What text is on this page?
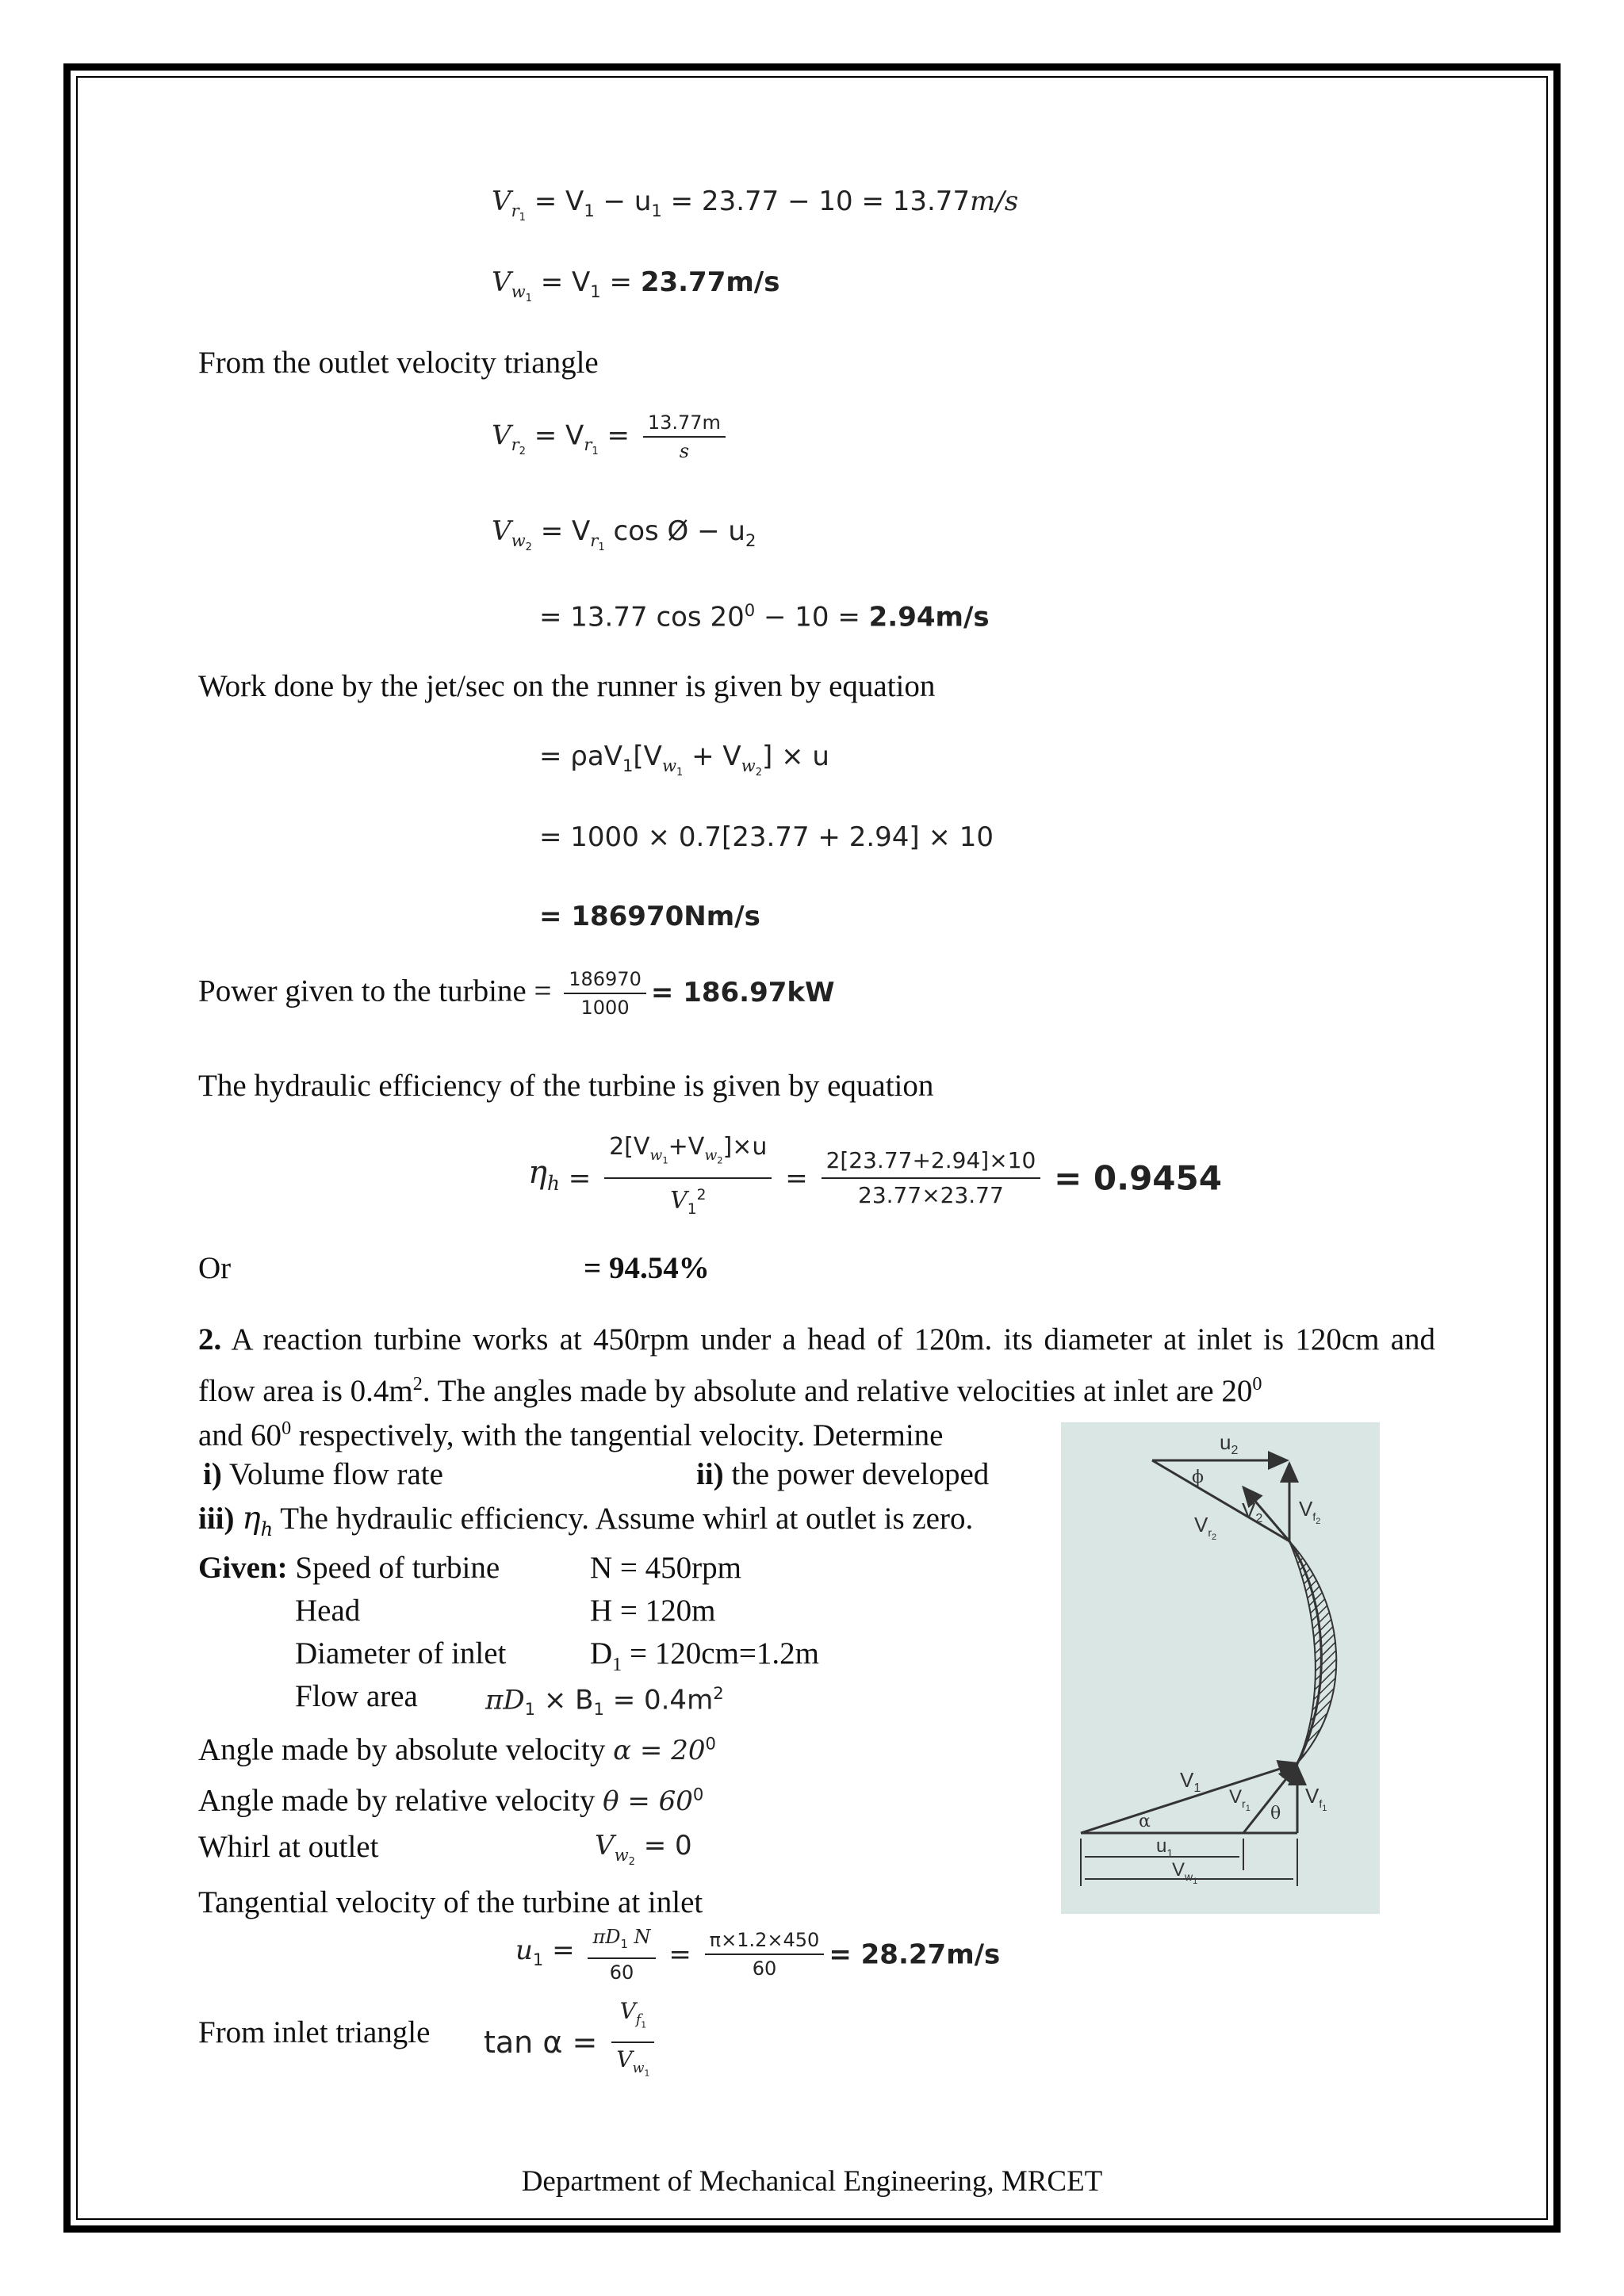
$V_{r_1} = V_1 - u_1 = 23.77 - 10 = 13.77m/s$
$V_{w_1} = V_1 = 23.77m/s$
From the outlet velocity triangle
$V_{r_2} = V_{r_1} = \frac{13.77m}{s}$
$V_{w_2} = V_{r_1}$ cos Ø − $u_2$
= 13.77 $\cos 20^0 - 10 = 2.94m/s$
Work done by the jet/sec on the runner is given by equation
= $\rho aV_1[V_{w_1} + V_{w_2}] \times u$
= 1000 × 0.7[23.77 + 2.94] × 10
= 186970Nm/s
Power given to the turbine = $\frac{186970}{1000} = 186.97kW$
The hydraulic efficiency of the turbine is given by equation
$\eta_h = \frac{2[V_{w_1}+V_{w_2}]\times u}{V_1^2} = \frac{2[23.77+2.94]\times 10}{23.77\times 23.77} = 0.9454$
Or	= 94.54%
2. A reaction turbine works at 450rpm under a head of 120m. its diameter at inlet is 120cm and flow area is $0.4m^2$. The angles made by absolute and relative velocities at inlet are $20^0$
and $60^0$ respectively, with the tangential velocity. Determine
i) Volume flow rate	ii) the power developed
iii) $\eta_h$ The hydraulic efficiency. Assume whirl at outlet is zero.
Given: Speed of turbine	N = 450rpm
Head	H = 120m
Diameter of inlet	$D_1 = 120cm=1.2m$
Flow area	$\pi D_1 \times B_1 = 0.4m^2$
Angle made by absolute velocity $\alpha = 20^0$
Angle made by relative velocity $\theta = 60^0$
Whirl at outlet	$V_{w_2} = 0$
Tangential velocity of the turbine at inlet
$u_1 = \frac{\pi D_1 N}{60} = \frac{\pi\times 1.2\times 450}{60} = 28.27m/s$
From inlet triangle $\tan \alpha = \frac{V_{f_1}}{V_{w_1}}$
$u_2$
ϕ
$V_2$ $V_f2$
$V_r2$
$V_1$ $V_r1$ θ
$V_f1$
α
$u_1$
$V_w1$
Department of Mechanical Engineering, MRCET
